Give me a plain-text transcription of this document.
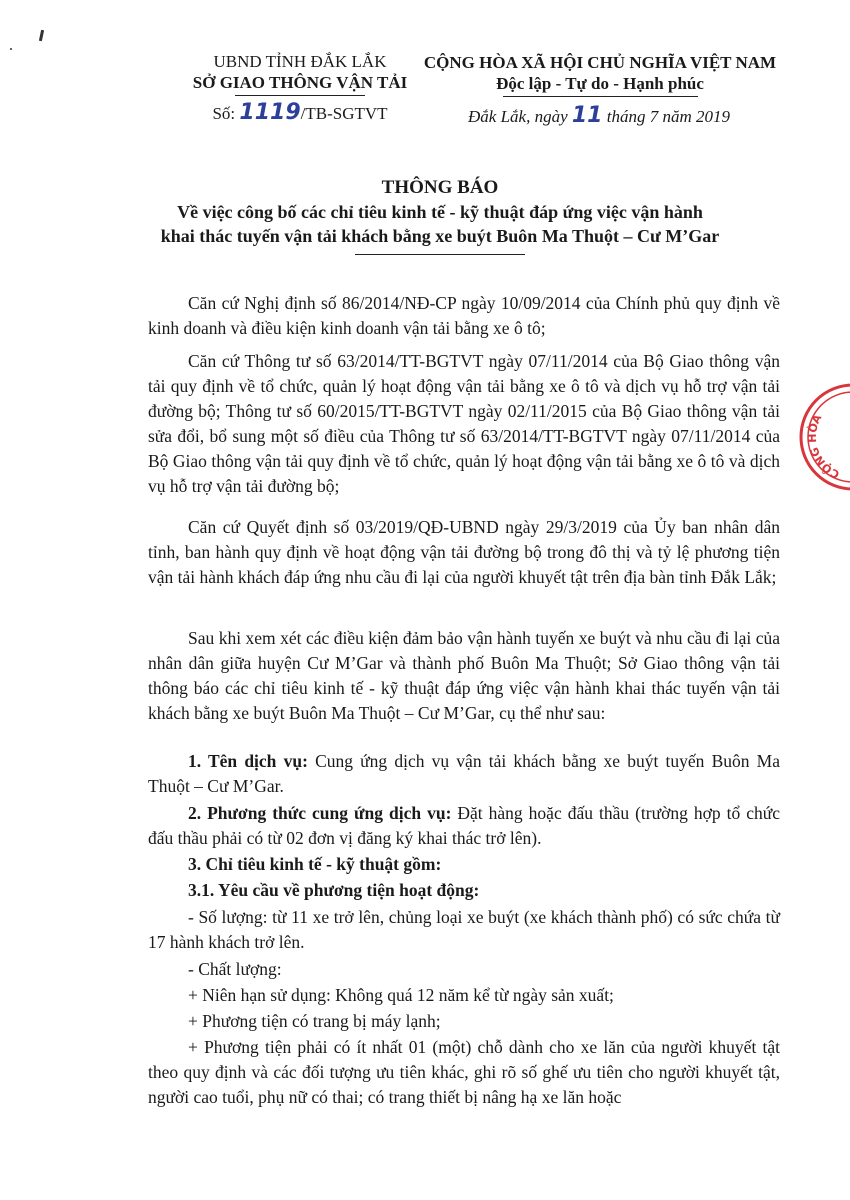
UBND TỈNH ĐẮK LẮK
SỞ GIAO THÔNG VẬN TẢI
Số: 1119/TB-SGTVT
CỘNG HÒA XÃ HỘI CHỦ NGHĨA VIỆT NAM
Độc lập - Tự do - Hạnh phúc
Đắk Lắk, ngày 11 tháng 7 năm 2019
THÔNG BÁO
Về việc công bố các chỉ tiêu kinh tế - kỹ thuật đáp ứng việc vận hành
khai thác tuyến vận tải khách bằng xe buýt Buôn Ma Thuột – Cư M’Gar

Căn cứ Nghị định số 86/2014/NĐ-CP ngày 10/09/2014 của Chính phủ quy định về kinh doanh và điều kiện kinh doanh vận tải bằng xe ô tô;

Căn cứ Thông tư số 63/2014/TT-BGTVT ngày 07/11/2014 của Bộ Giao thông vận tải quy định về tổ chức, quản lý hoạt động vận tải bằng xe ô tô và dịch vụ hỗ trợ vận tải đường bộ; Thông tư số 60/2015/TT-BGTVT ngày 02/11/2015 của Bộ Giao thông vận tải sửa đổi, bổ sung một số điều của Thông tư số 63/2014/TT-BGTVT ngày 07/11/2014 của Bộ Giao thông vận tải quy định về tổ chức, quản lý hoạt động vận tải bằng xe ô tô và dịch vụ hỗ trợ vận tải đường bộ;

Căn cứ Quyết định số 03/2019/QĐ-UBND ngày 29/3/2019 của Ủy ban nhân dân tỉnh, ban hành quy định về hoạt động vận tải đường bộ trong đô thị và tỷ lệ phương tiện vận tải hành khách đáp ứng nhu cầu đi lại của người khuyết tật trên địa bàn tỉnh Đắk Lắk;

Sau khi xem xét các điều kiện đảm bảo vận hành tuyến xe buýt và nhu cầu đi lại của nhân dân giữa huyện Cư M’Gar và thành phố Buôn Ma Thuột; Sở Giao thông vận tải thông báo các chỉ tiêu kinh tế - kỹ thuật đáp ứng việc vận hành khai thác tuyến vận tải khách bằng xe buýt Buôn Ma Thuột – Cư M’Gar, cụ thể như sau:

1. Tên dịch vụ: Cung ứng dịch vụ vận tải khách bằng xe buýt tuyến Buôn Ma Thuột – Cư M’Gar.

2. Phương thức cung ứng dịch vụ: Đặt hàng hoặc đấu thầu (trường hợp tổ chức đấu thầu phải có từ 02 đơn vị đăng ký khai thác trở lên).

3. Chỉ tiêu kinh tế - kỹ thuật gồm:
3.1. Yêu cầu về phương tiện hoạt động:

- Số lượng: từ 11 xe trở lên, chủng loại xe buýt (xe khách thành phố) có sức chứa từ 17 hành khách trở lên.

- Chất lượng:
+ Niên hạn sử dụng: Không quá 12 năm kể từ ngày sản xuất;
+ Phương tiện có trang bị máy lạnh;

+ Phương tiện phải có ít nhất 01 (một) chỗ dành cho xe lăn của người khuyết tật theo quy định và các đối tượng ưu tiên khác, ghi rõ số ghế ưu tiên cho người khuyết tật, người cao tuổi, phụ nữ có thai; có trang thiết bị nâng hạ xe lăn hoặc

CỘNG HÒA
